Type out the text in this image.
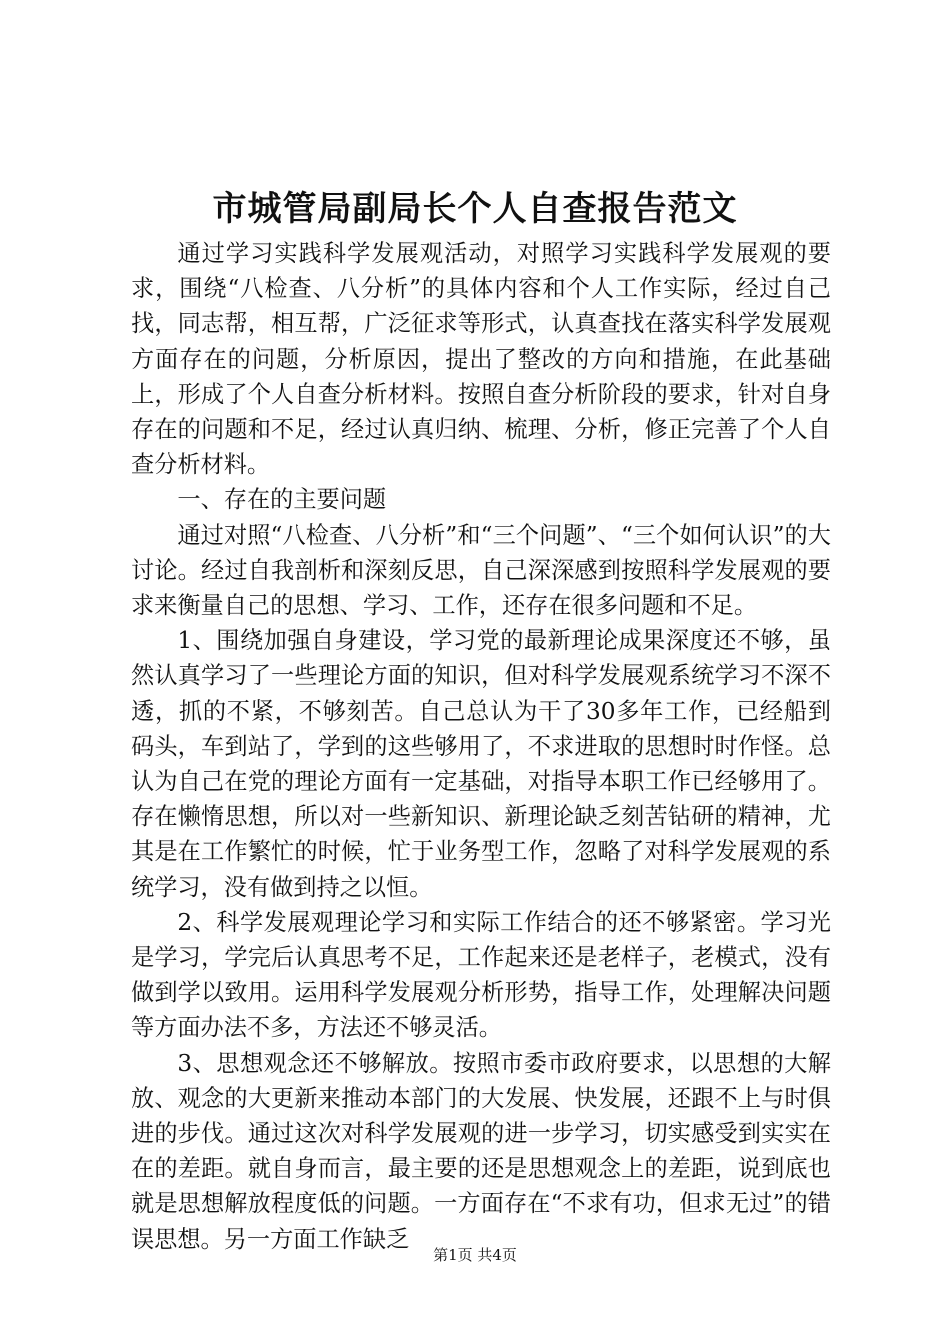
市城管局副局长个人自查报告范文

通过学习实践科学发展观活动，对照学习实践科学发展观的要求，围绕“八检查、八分析”的具体内容和个人工作实际，经过自己找，同志帮，相互帮，广泛征求等形式，认真查找在落实科学发展观方面存在的问题，分析原因，提出了整改的方向和措施，在此基础上，形成了个人自查分析材料。按照自查分析阶段的要求，针对自身存在的问题和不足，经过认真归纳、梳理、分析，修正完善了个人自查分析材料。

一、存在的主要问题

通过对照“八检查、八分析”和“三个问题”、“三个如何认识”的大讨论。经过自我剖析和深刻反思，自己深深感到按照科学发展观的要求来衡量自己的思想、学习、工作，还存在很多问题和不足。

1、围绕加强自身建设，学习党的最新理论成果深度还不够，虽然认真学习了一些理论方面的知识，但对科学发展观系统学习不深不透，抓的不紧，不够刻苦。自己总认为干了30多年工作，已经船到码头，车到站了，学到的这些够用了，不求进取的思想时时作怪。总认为自己在党的理论方面有一定基础，对指导本职工作已经够用了。存在懒惰思想，所以对一些新知识、新理论缺乏刻苦钻研的精神，尤其是在工作繁忙的时候，忙于业务型工作，忽略了对科学发展观的系统学习，没有做到持之以恒。

2、科学发展观理论学习和实际工作结合的还不够紧密。学习光是学习，学完后认真思考不足，工作起来还是老样子，老模式，没有做到学以致用。运用科学发展观分析形势，指导工作，处理解决问题等方面办法不多，方法还不够灵活。

3、思想观念还不够解放。按照市委市政府要求，以思想的大解放、观念的大更新来推动本部门的大发展、快发展，还跟不上与时俱进的步伐。通过这次对科学发展观的进一步学习，切实感受到实实在在的差距。就自身而言，最主要的还是思想观念上的差距，说到底也就是思想解放程度低的问题。一方面存在“不求有功，但求无过”的错误思想。另一方面工作缺乏

第1页 共4页
